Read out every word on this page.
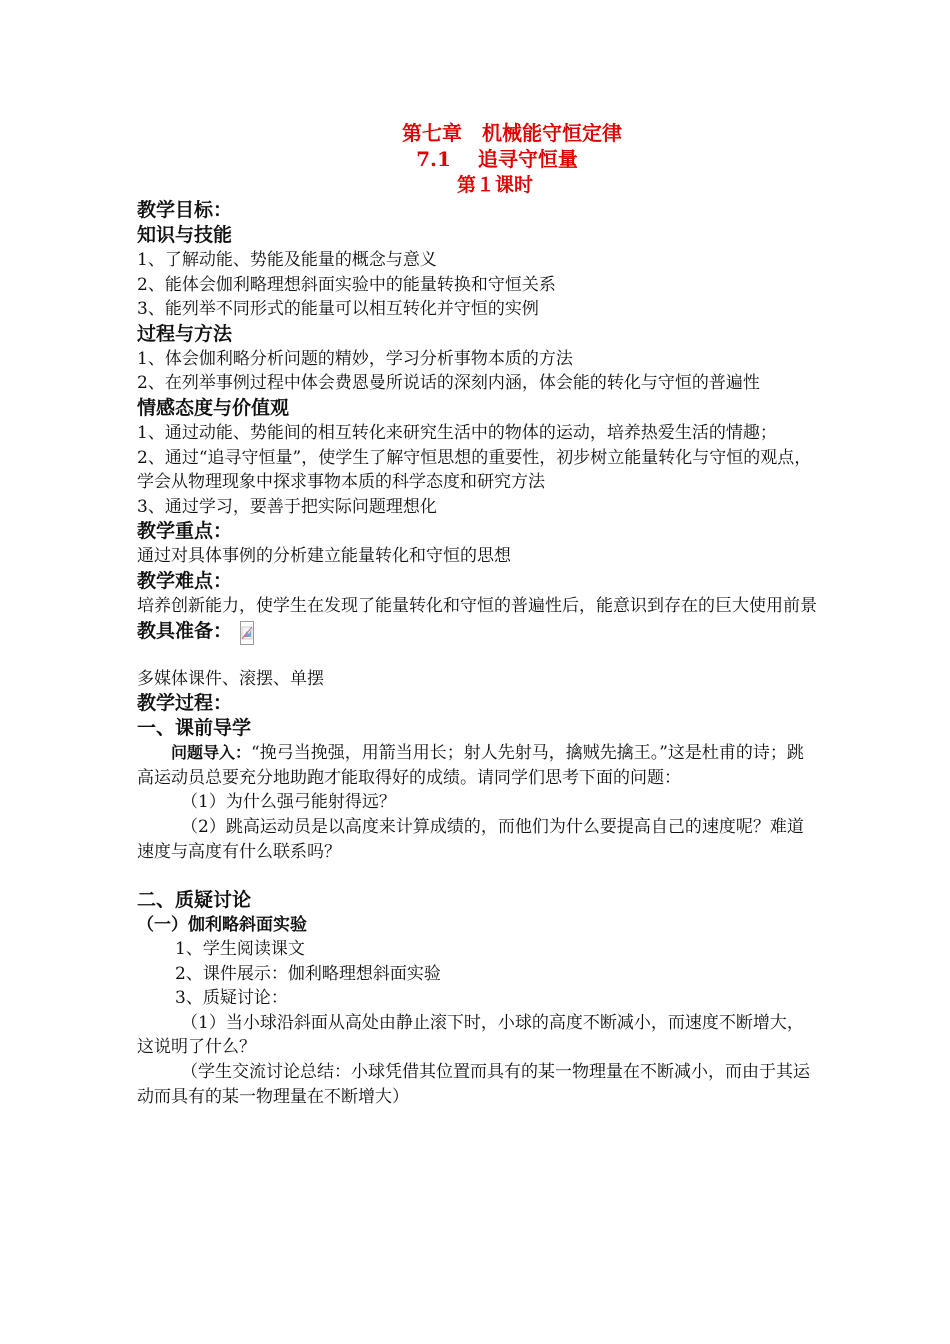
第七章　机械能守恒定律
7.1　 追寻守恒量
第１课时
教学目标：
知识与技能

1、了解动能、势能及能量的概念与意义

2、能体会伽利略理想斜面实验中的能量转换和守恒关系

3、能列举不同形式的能量可以相互转化并守恒的实例

过程与方法

1、体会伽利略分析问题的精妙，学习分析事物本质的方法

2、在列举事例过程中体会费恩曼所说话的深刻内涵，体会能的转化与守恒的普遍性

情感态度与价值观

1、通过动能、势能间的相互转化来研究生活中的物体的运动，培养热爱生活的情趣；

2、通过“追寻守恒量”，使学生了解守恒思想的重要性，初步树立能量转化与守恒的观点，学会从物理现象中探求事物本质的科学态度和研究方法

3、通过学习，要善于把实际问题理想化

教学重点：

通过对具体事例的分析建立能量转化和守恒的思想

教学难点：

培养创新能力，使学生在发现了能量转化和守恒的普遍性后，能意识到存在的巨大使用前景

教具准备：

多媒体课件、滚摆、单摆

教学过程：
一、课前导学

问题导入：“挽弓当挽强，用箭当用长；射人先射马，擒贼先擒王。”这是杜甫的诗；跳高运动员总要充分地助跑才能取得好的成绩。请同学们思考下面的问题：

（1）为什么强弓能射得远？

（2）跳高运动员是以高度来计算成绩的，而他们为什么要提高自己的速度呢？难道速度与高度有什么联系吗？

二、质疑讨论
（一）伽利略斜面实验

1、学生阅读课文

2、课件展示：伽利略理想斜面实验

3、质疑讨论：

（1）当小球沿斜面从高处由静止滚下时，小球的高度不断减小，而速度不断增大，这说明了什么？

（学生交流讨论总结：小球凭借其位置而具有的某一物理量在不断减小，而由于其运动而具有的某一物理量在不断增大）
